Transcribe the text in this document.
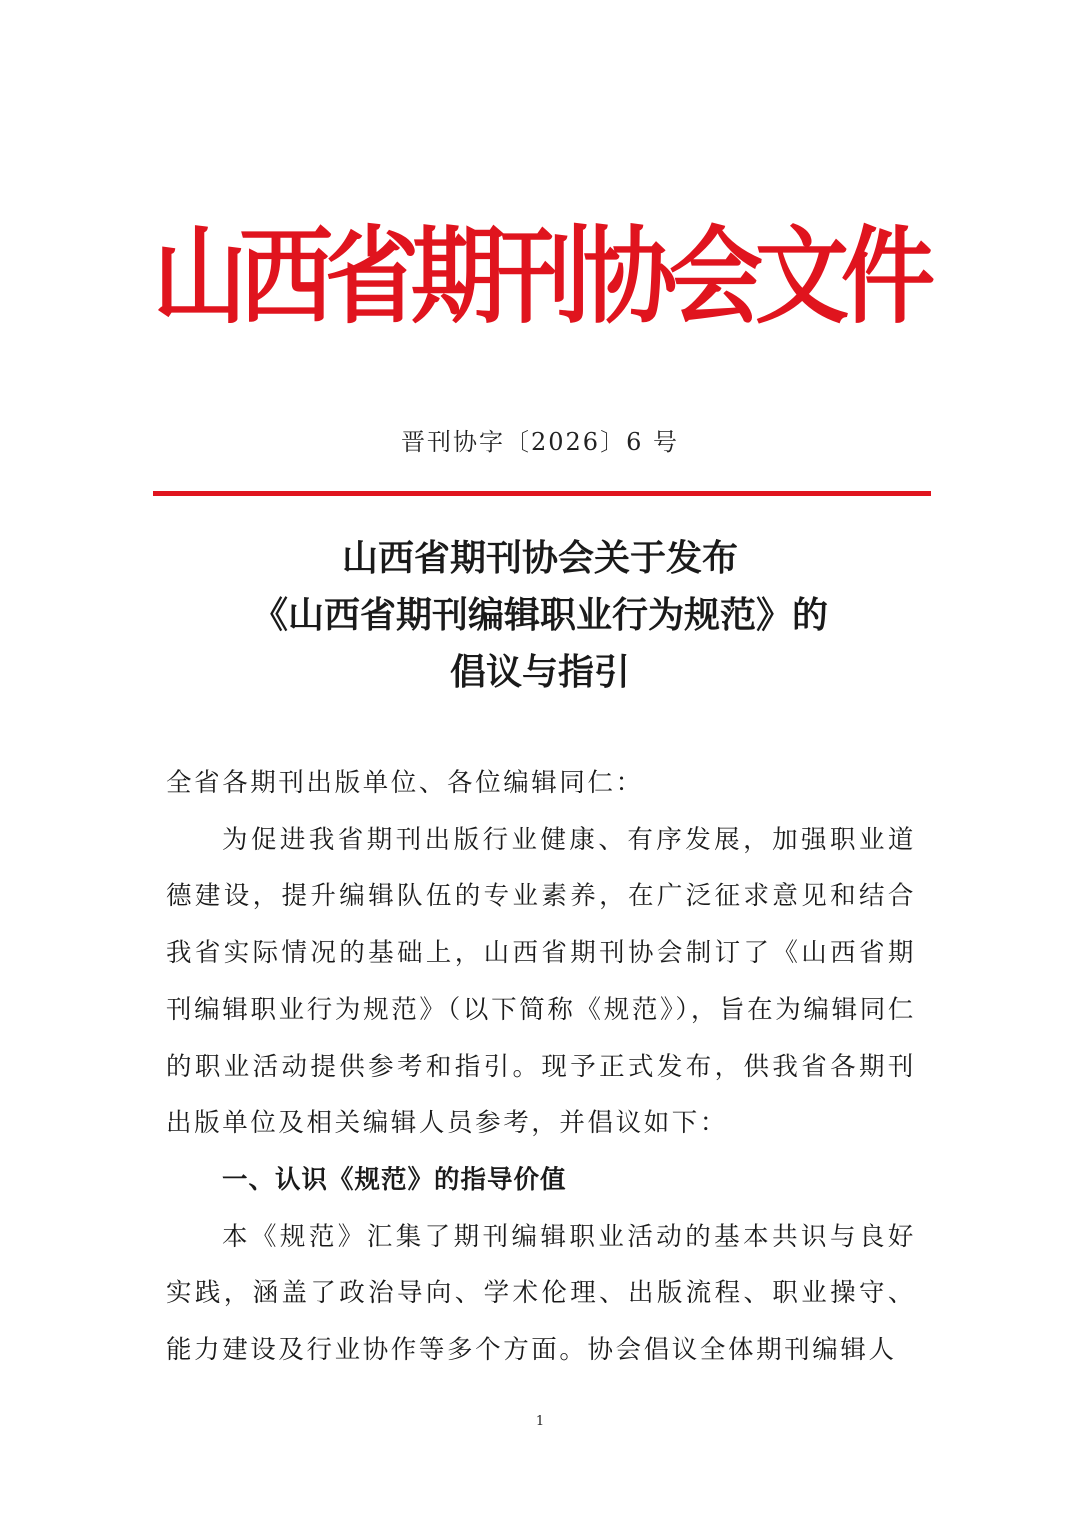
山西省期刊协会文件
晋刊协字〔2026〕6 号
山西省期刊协会关于发布
《山西省期刊编辑职业行为规范》的
倡议与指引

全省各期刊出版单位、各位编辑同仁：

为促进我省期刊出版行业健康、有序发展，加强职业道德建设，提升编辑队伍的专业素养，在广泛征求意见和结合我省实际情况的基础上，山西省期刊协会制订了《山西省期刊编辑职业行为规范》（以下简称《规范》），旨在为编辑同仁的职业活动提供参考和指引。现予正式发布，供我省各期刊出版单位及相关编辑人员参考，并倡议如下：

一、认识《规范》的指导价值

本《规范》汇集了期刊编辑职业活动的基本共识与良好实践，涵盖了政治导向、学术伦理、出版流程、职业操守、能力建设及行业协作等多个方面。协会倡议全体期刊编辑人

1
